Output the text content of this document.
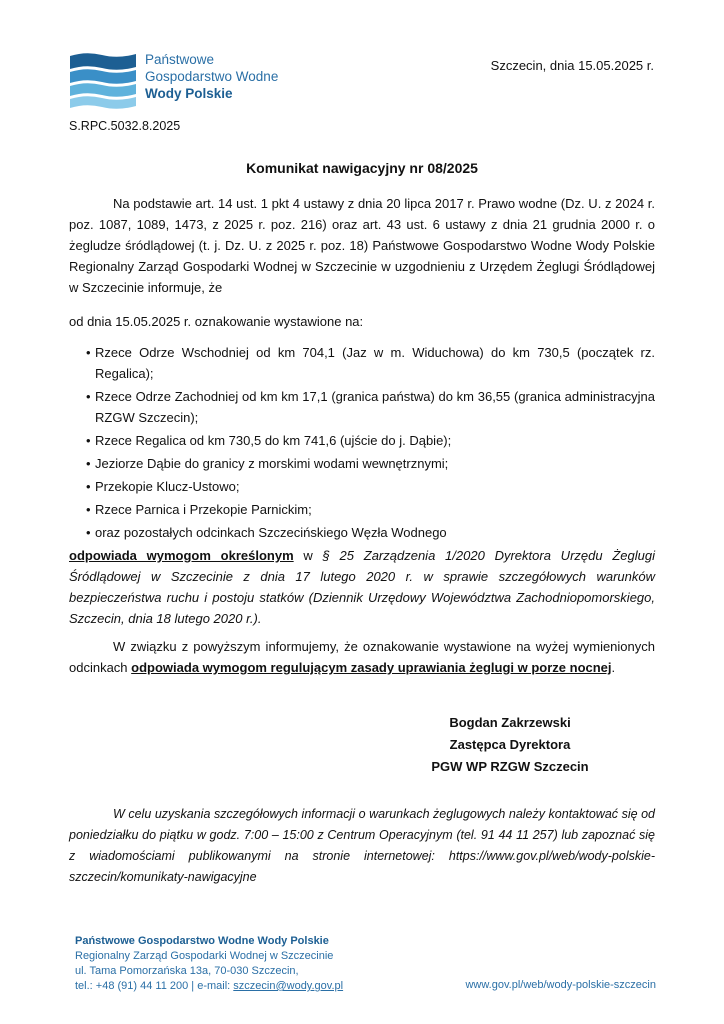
Państwowe
Gospodarstwo Wodne
Wody Polskie
Szczecin, dnia 15.05.2025 r.
S.RPC.5032.8.2025
Komunikat nawigacyjny nr 08/2025
Na podstawie art. 14 ust. 1 pkt 4 ustawy z dnia 20 lipca 2017 r. Prawo wodne (Dz. U. z 2024 r. poz. 1087, 1089, 1473, z 2025 r. poz. 216) oraz art. 43 ust. 6 ustawy z dnia 21 grudnia 2000 r. o żegludze śródlądowej (t. j. Dz. U. z 2025 r. poz. 18) Państwowe Gospodarstwo Wodne Wody Polskie Regionalny Zarząd Gospodarki Wodnej w Szczecinie w uzgodnieniu z Urzędem Żeglugi Śródlądowej w Szczecinie informuje, że
od dnia 15.05.2025 r. oznakowanie wystawione na:
• Rzece Odrze Wschodniej od km 704,1 (Jaz w m. Widuchowa) do km 730,5 (początek rz. Regalica);
• Rzece Odrze Zachodniej od km km 17,1 (granica państwa) do km 36,55 (granica administracyjna RZGW Szczecin);
• Rzece Regalica od km 730,5 do km 741,6 (ujście do j. Dąbie);
• Jeziorze Dąbie do granicy z morskimi wodami wewnętrznymi;
• Przekopie Klucz-Ustowo;
• Rzece Parnica i Przekopie Parnickim;
• oraz pozostałych odcinkach Szczecińskiego Węzła Wodnego
odpowiada wymogom określonym w § 25 Zarządzenia 1/2020 Dyrektora Urzędu Żeglugi Śródlądowej w Szczecinie z dnia 17 lutego 2020 r. w sprawie szczegółowych warunków bezpieczeństwa ruchu i postoju statków (Dziennik Urzędowy Województwa Zachodniopomorskiego, Szczecin, dnia 18 lutego 2020 r.).
W związku z powyższym informujemy, że oznakowanie wystawione na wyżej wymienionych odcinkach odpowiada wymogom regulującym zasady uprawiania żeglugi w porze nocnej.
Bogdan Zakrzewski
Zastępca Dyrektora
PGW WP RZGW Szczecin
W celu uzyskania szczegółowych informacji o warunkach żeglugowych należy kontaktować się od poniedziałku do piątku w godz. 7:00 – 15:00 z Centrum Operacyjnym (tel. 91 44 11 257) lub zapoznać się z wiadomościami publikowanymi na stronie internetowej: https://www.gov.pl/web/wody-polskie-szczecin/komunikaty-nawigacyjne
Państwowe Gospodarstwo Wodne Wody Polskie
Regionalny Zarząd Gospodarki Wodnej w Szczecinie
ul. Tama Pomorzańska 13a, 70-030 Szczecin,
tel.: +48 (91) 44 11 200 | e-mail: szczecin@wody.gov.pl	www.gov.pl/web/wody-polskie-szczecin
